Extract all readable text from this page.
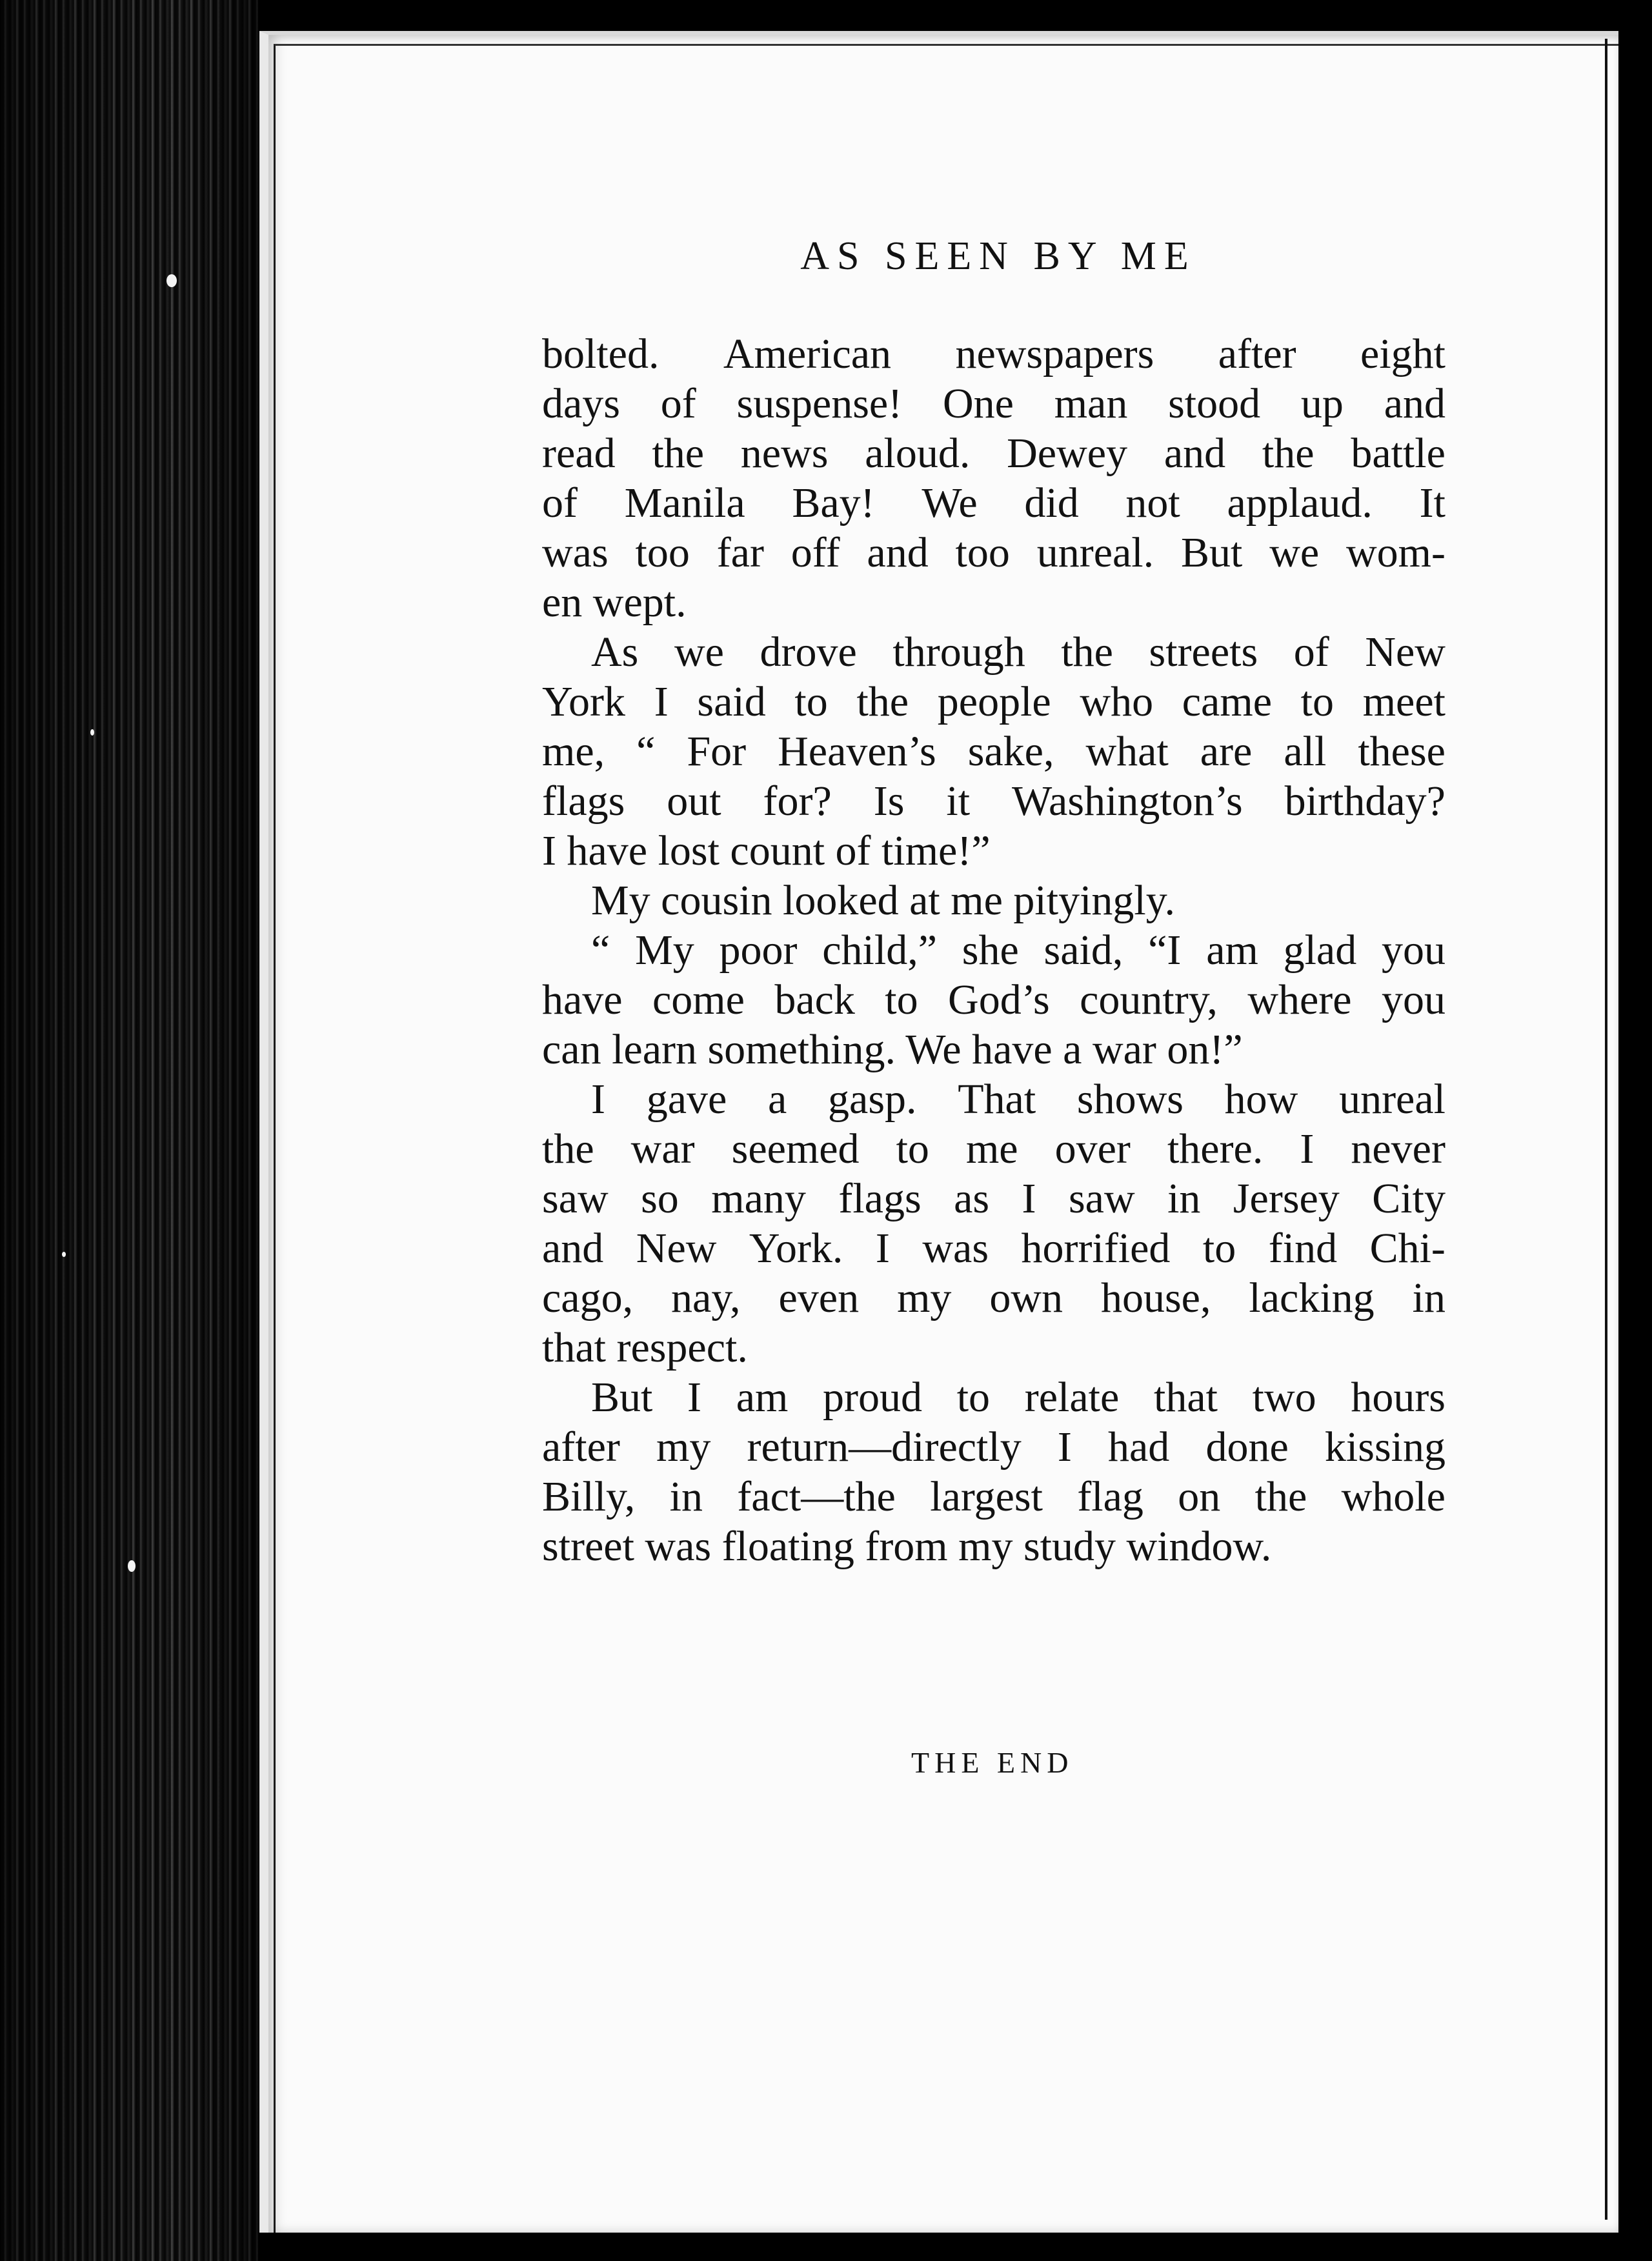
AS SEEN BY ME
bolted. American newspapers after eight
days of suspense! One man stood up and
read the news aloud. Dewey and the battle
of Manila Bay! We did not applaud. It
was too far off and too unreal. But we wom-
en wept.
As we drove through the streets of New
York I said to the people who came to meet
me, “ For Heaven’s sake, what are all these
flags out for? Is it Washington’s birthday?
I have lost count of time!”
My cousin looked at me pityingly.
“ My poor child,” she said, “I am glad you
have come back to God’s country, where you
can learn something. We have a war on!”
I gave a gasp. That shows how unreal
the war seemed to me over there. I never
saw so many flags as I saw in Jersey City
and New York. I was horrified to find Chi-
cago, nay, even my own house, lacking in
that respect.
But I am proud to relate that two hours
after my return—directly I had done kissing
Billy, in fact—the largest flag on the whole
street was floating from my study window.
THE END
